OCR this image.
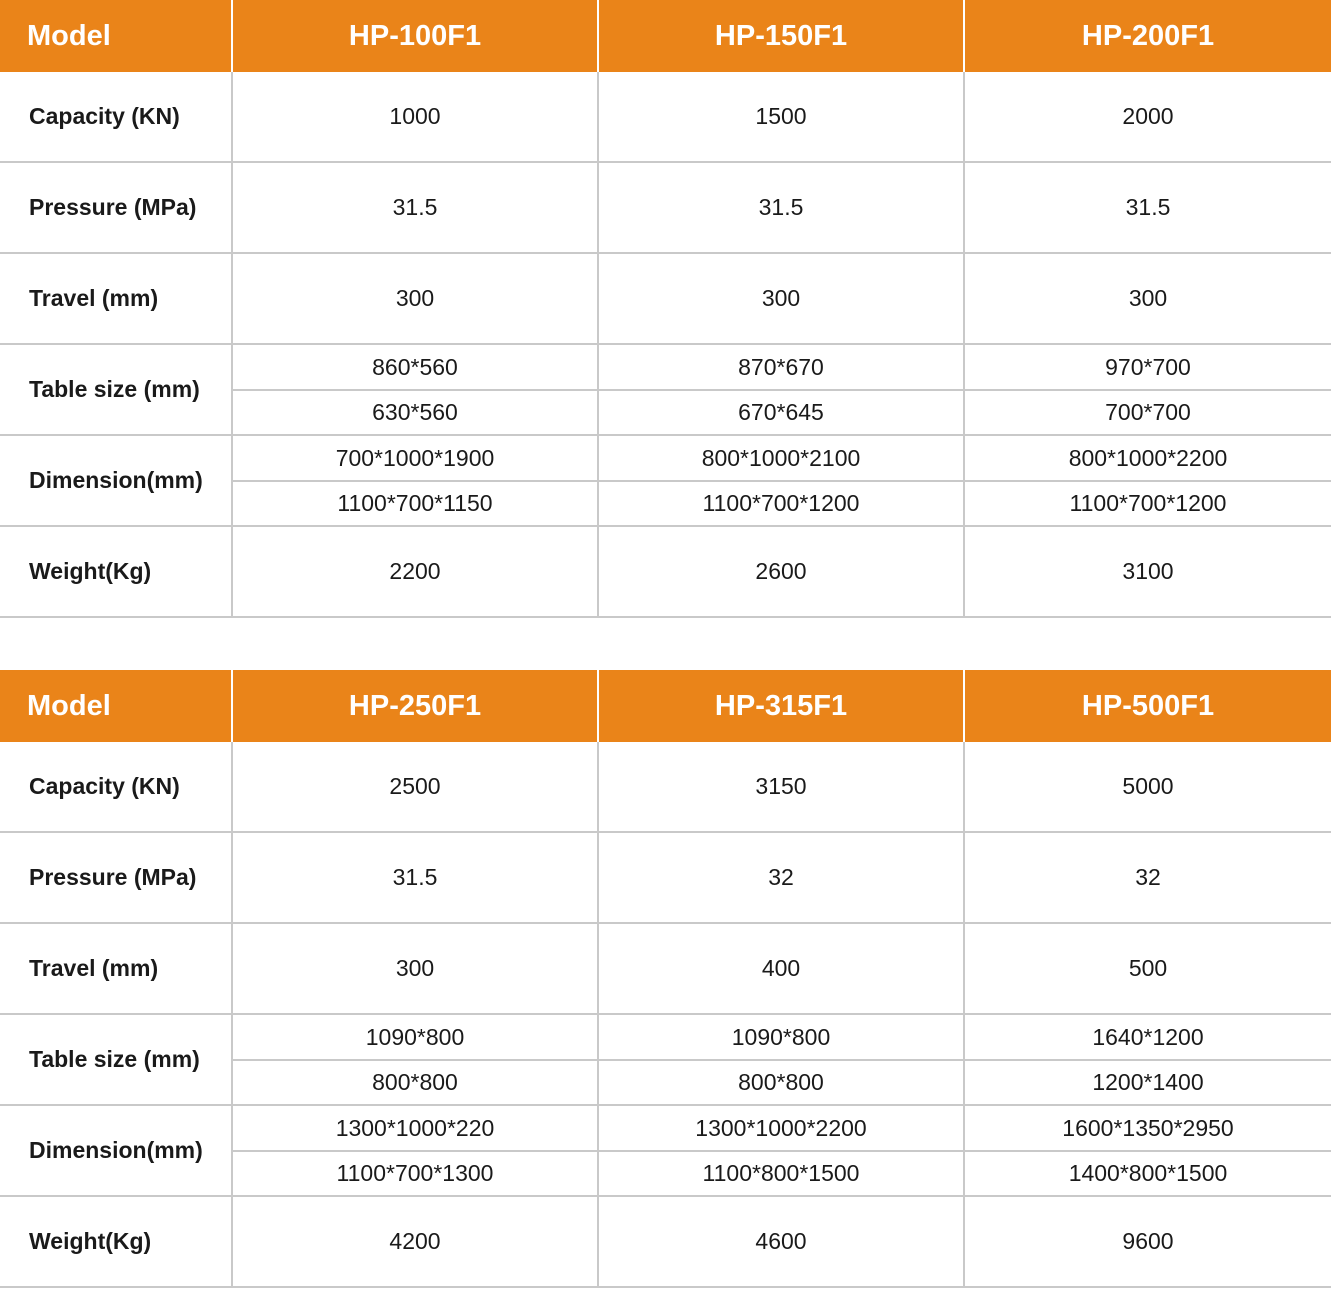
Model	HP-100F1	HP-150F1	HP-200F1
Capacity (KN)	1000	1500	2000
Pressure (MPa)	31.5	31.5	31.5
Travel (mm)	300	300	300
Table size (mm)	860*560	870*670	970*700
	630*560	670*645	700*700
Dimension(mm)	700*1000*1900	800*1000*2100	800*1000*2200
	1100*700*1150	1100*700*1200	1100*700*1200
Weight(Kg)	2200	2600	3100
Model	HP-250F1	HP-315F1	HP-500F1
Capacity (KN)	2500	3150	5000
Pressure (MPa)	31.5	32	32
Travel (mm)	300	400	500
Table size (mm)	1090*800	1090*800	1640*1200
	800*800	800*800	1200*1400
Dimension(mm)	1300*1000*220	1300*1000*2200	1600*1350*2950
	1100*700*1300	1100*800*1500	1400*800*1500
Weight(Kg)	4200	4600	9600
